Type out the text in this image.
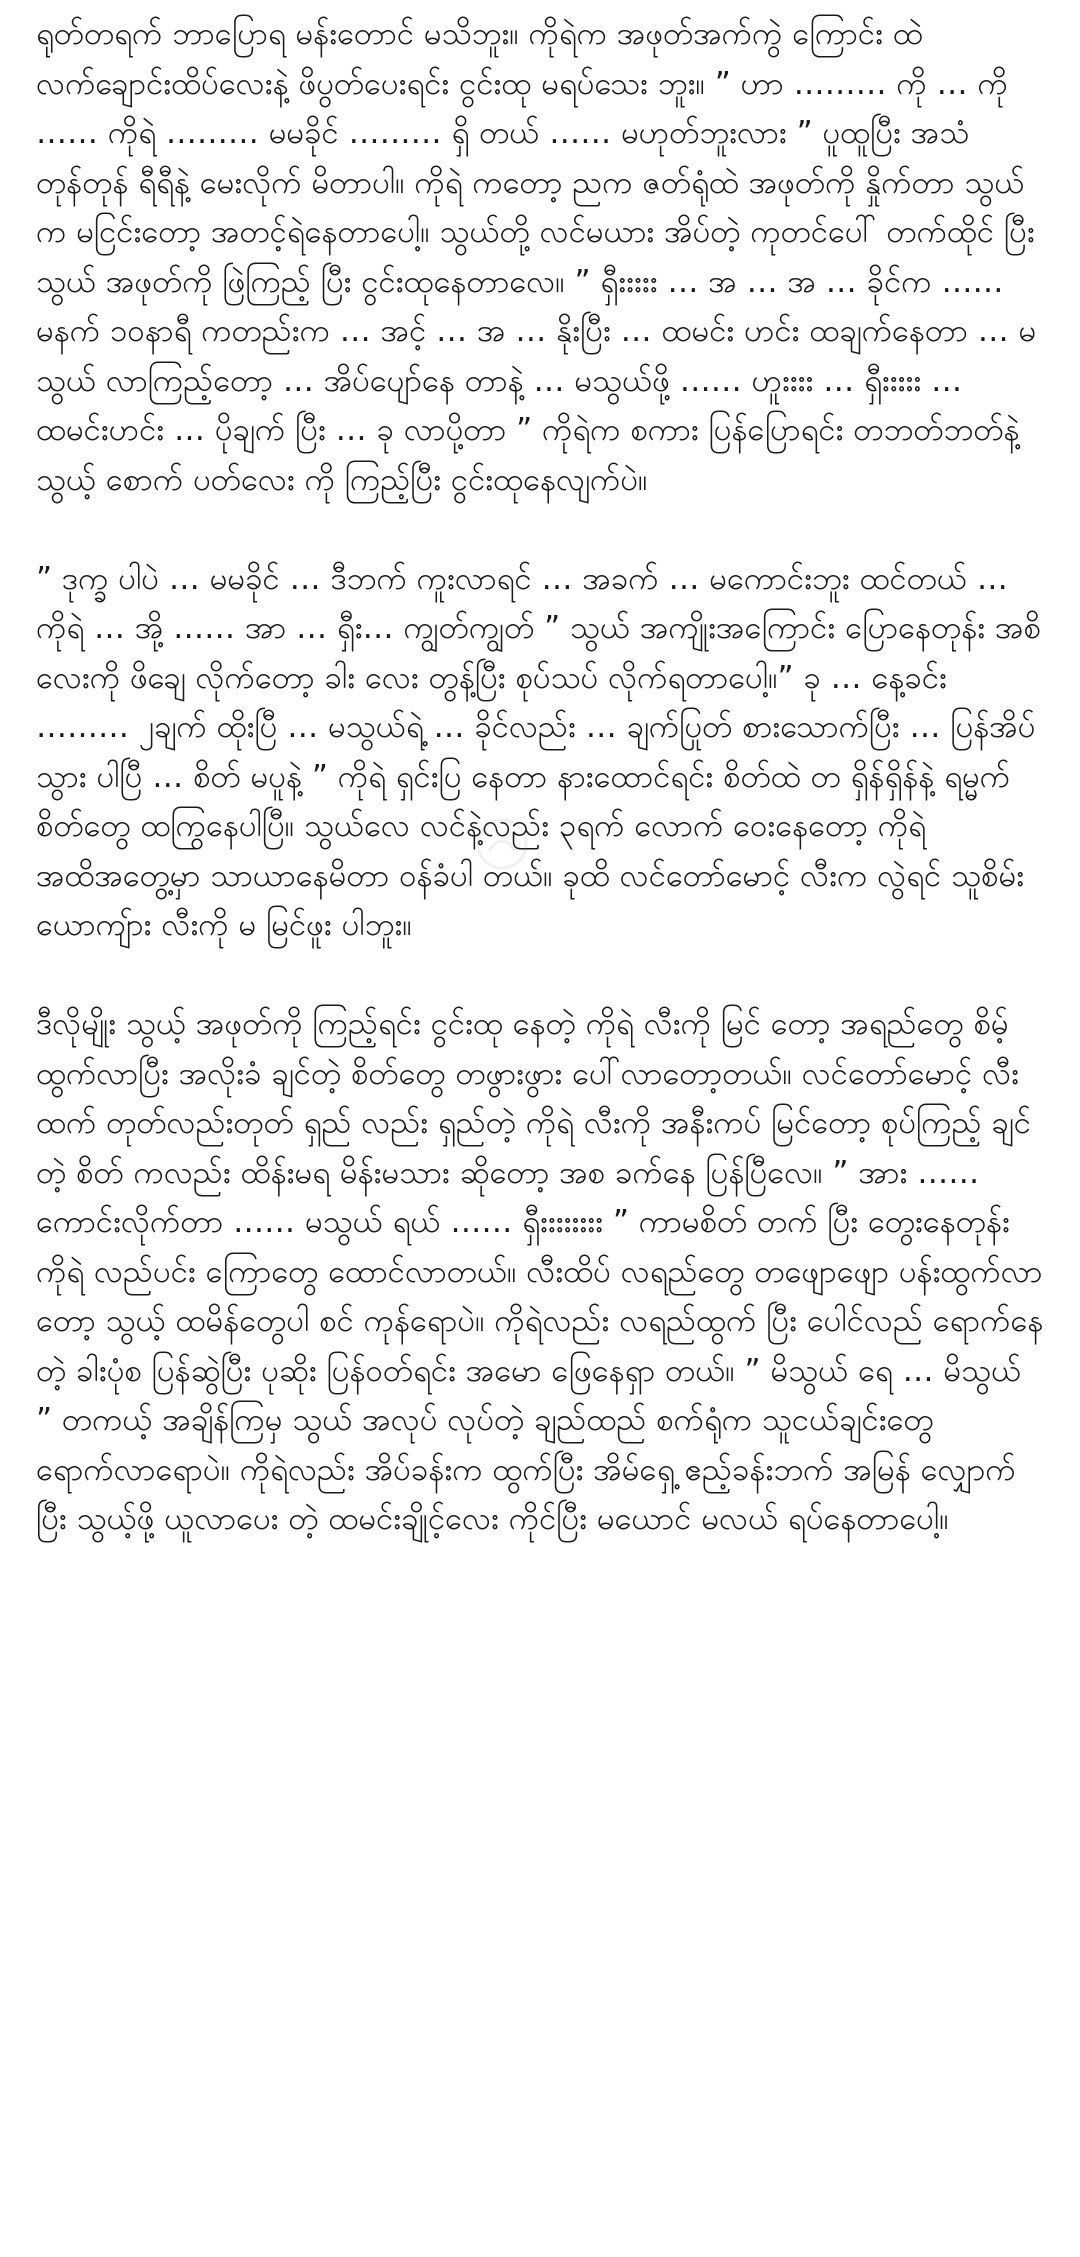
ရုတ်တရက် ဘာပြောရ မန်းတောင် မသိဘူး။ ကိုရဲက အဖုတ်အက်ကွဲ ကြောင်း ထဲ လက်ချောင်းထိပ်လေးနဲ့ ဖိပွတ်ပေးရင်း ငွင်းထု မရပ်သေး ဘူး။ ” ဟာ ……… ကို … ကို …… ကိုရဲ ……… မမခိုင် ……… ရှိ တယ် …… မဟုတ်ဘူးလား ” ပူထူပြီး အသံ တုန်တုန် ရီရီနဲ့ မေးလိုက် မိတာပါ။ ကိုရဲ ကတော့ ညက ဇတ်ရုံထဲ အဖုတ်ကို နှိုက်တာ သွယ် က မငြင်းတော့ အတင့်ရဲနေတာပေါ့။ သွယ်တို့ လင်မယား အိပ်တဲ့ ကုတင်ပေါ် တက်ထိုင် ပြီး သွယ် အဖုတ်ကို ဖြဲကြည့် ပြီး ငွင်းထုနေတာလေ။ ” ရှီးးးးး … အ … အ … ခိုင်က …… မနက် ၁၀နာရီ ကတည်းက … အင့် … အ … နိုးပြီး … ထမင်း ဟင်း ထချက်နေတာ … မသွယ် လာကြည့်တော့ … အိပ်ပျော်နေ တာနဲ့ … မသွယ်ဖို့ …… ဟူးးးး … ရှီးးးးး … ထမင်းဟင်း … ပိုချက် ပြီး … ခု လာပို့တာ ” ကိုရဲက စကား ပြန်ပြောရင်း တဘတ်ဘတ်နဲ့ သွယ့် စောက် ပတ်လေး ကို ကြည့်ပြီး ငွင်းထုနေလျက်ပဲ။

” ဒုက္ခ ပါပဲ … မမခိုင် … ဒီဘက် ကူးလာရင် … အခက် … မကောင်းဘူး ထင်တယ် … ကိုရဲ … အို့ …… အာ … ရှီး… ကျွတ်ကျွတ် ” သွယ် အကျိုးအကြောင်း ပြောနေတုန်း အစိလေးကို ဖိချေ လိုက်တော့ ခါး လေး တွန့်ပြီး စုပ်သပ် လိုက်ရတာပေါ့။” ခု … နေ့ခင်း ……… ၂ချက် ထိုးပြီ … မသွယ်ရဲ့ … ခိုင်လည်း … ချက်ပြုတ် စားသောက်ပြီး … ပြန်အိပ် သွား ပါပြီ … စိတ် မပူနဲ့ ” ကိုရဲ ရှင်းပြ နေတာ နားထောင်ရင်း စိတ်ထဲ တ ရှိန်ရှိန်နဲ့ ရမ္မက်စိတ်တွေ ထကြွနေပါပြီ။ သွယ်လေ လင်နဲ့လည်း ၃ရက် လောက် ဝေးနေတော့ ကိုရဲ အထိအတွေ့မှာ သာယာနေမိတာ ဝန်ခံပါ တယ်။ ခုထိ လင်တော်မောင့် လီးက လွဲရင် သူစိမ်းယောကျ်ား လီးကို မ မြင်ဖူး ပါဘူး။

ဒီလိုမျိုး သွယ့် အဖုတ်ကို ကြည့်ရင်း ငွင်းထု နေတဲ့ ကိုရဲ လီးကို မြင် တော့ အရည်တွေ စိမ့်ထွက်လာပြီး အလိုးခံ ချင်တဲ့ စိတ်တွေ တဖွားဖွား ပေါ်လာတော့တယ်။ လင်တော်မောင့် လီးထက် တုတ်လည်းတုတ် ရှည် လည်း ရှည်တဲ့ ကိုရဲ လီးကို အနီးကပ် မြင်တော့ စုပ်ကြည့် ချင်တဲ့ စိတ် ကလည်း ထိန်းမရ မိန်းမသား ဆိုတော့ အစ ခက်နေ ပြန်ပြီလေ။ ” အား …… ကောင်းလိုက်တာ …… မသွယ် ရယ် …… ရှီးးးးးးးး ” ကာမစိတ် တက် ပြီး တွေးနေတုန်း ကိုရဲ လည်ပင်း ကြောတွေ ထောင်လာတယ်။ လီးထိပ် လရည်တွေ တဖျောဖျော ပန်းထွက်လာတော့ သွယ့် ထမိန်တွေပါ စင် ကုန်ရောပဲ။ ကိုရဲလည်း လရည်ထွက် ပြီး ပေါင်လည် ရောက်နေတဲ့ ခါးပုံစ ပြန်ဆွဲပြီး ပုဆိုး ပြန်ဝတ်ရင်း အမော ဖြေနေရှာ တယ်။ ” မိသွယ် ရေ … မိသွယ် ” တကယ့် အချိန်ကြမှ သွယ် အလုပ် လုပ်တဲ့ ချည်ထည် စက်ရုံက သူငယ်ချင်းတွေ ရောက်လာရောပဲ။ ကိုရဲလည်း အိပ်ခန်းက ထွက်ပြီး အိမ်ရှေ့ ဧည့်ခန်းဘက် အမြန် လျှောက်ပြီး သွယ့်ဖို့ ယူလာပေး တဲ့ ထမင်းချိုင့်လေး ကိုင်ပြီး မယောင် မလယ် ရပ်နေတာပေါ့။
